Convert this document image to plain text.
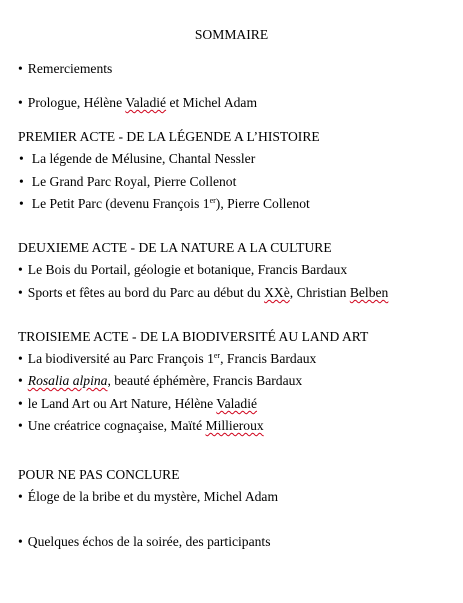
SOMMAIRE
• Remerciements
• Prologue, Hélène Valadié et Michel Adam
PREMIER ACTE - DE LA LÉGENDE A L’HISTOIRE
• La légende de Mélusine, Chantal Nessler
• Le Grand Parc Royal, Pierre Collenot
• Le Petit Parc (devenu François 1er), Pierre Collenot
DEUXIEME ACTE - DE LA NATURE A LA CULTURE
• Le Bois du Portail, géologie et botanique, Francis Bardaux
• Sports et fêtes au bord du Parc au début du XXè, Christian Belben
TROISIEME ACTE - DE LA BIODIVERSITÉ AU LAND ART
• La biodiversité au Parc François 1er, Francis Bardaux
• Rosalia alpina, beauté éphémère, Francis Bardaux
• le Land Art ou Art Nature, Hélène Valadié
• Une créatrice cognaçaise, Maïté Millieroux
POUR NE PAS CONCLURE
• Éloge de la bribe et du mystère, Michel Adam
• Quelques échos de la soirée, des participants
